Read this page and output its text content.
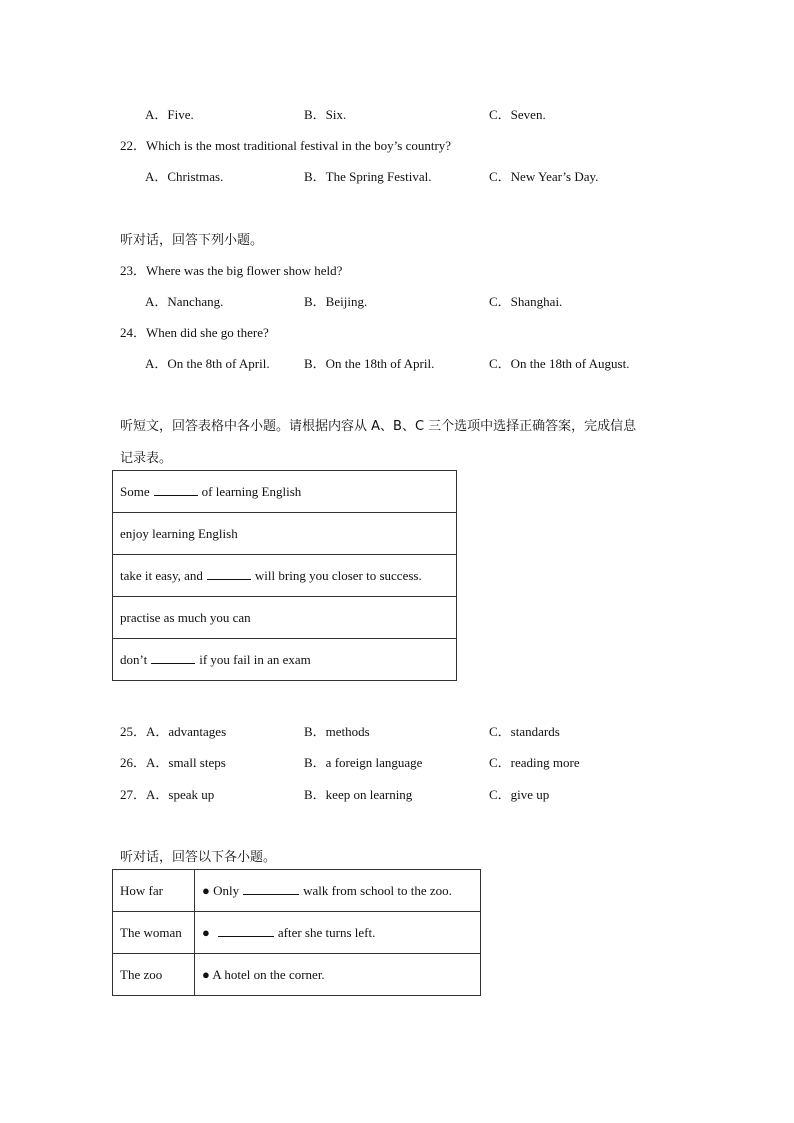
A．Five.	B．Six.	C．Seven.
22．Which is the most traditional festival in the boy’s country?
A．Christmas.	B．The Spring Festival.	C．New Year’s Day.
听对话，回答下列小题。
23．Where was the big flower show held?
A．Nanchang.	B．Beijing.	C．Shanghai.
24．When did she go there?
A．On the 8th of April.	B．On the 18th of April.	C．On the 18th of August.
听短文，回答表格中各小题。请根据内容从 A、B、C 三个选项中选择正确答案，完成信息
记录表。
Some	of learning English
enjoy learning English
take it easy, and	will bring you closer to success.
practise as much you can
don’t	if you fail in an exam
25．A．advantages	B．methods	C．standards
26．A．small steps	B．a foreign language	C．reading more
27．A．speak up	B．keep on learning	C．give up
听对话，回答以下各小题。
How far	● Only walk from school to the zoo.
The woman	● after she turns left.
The zoo	● A hotel on the corner.
